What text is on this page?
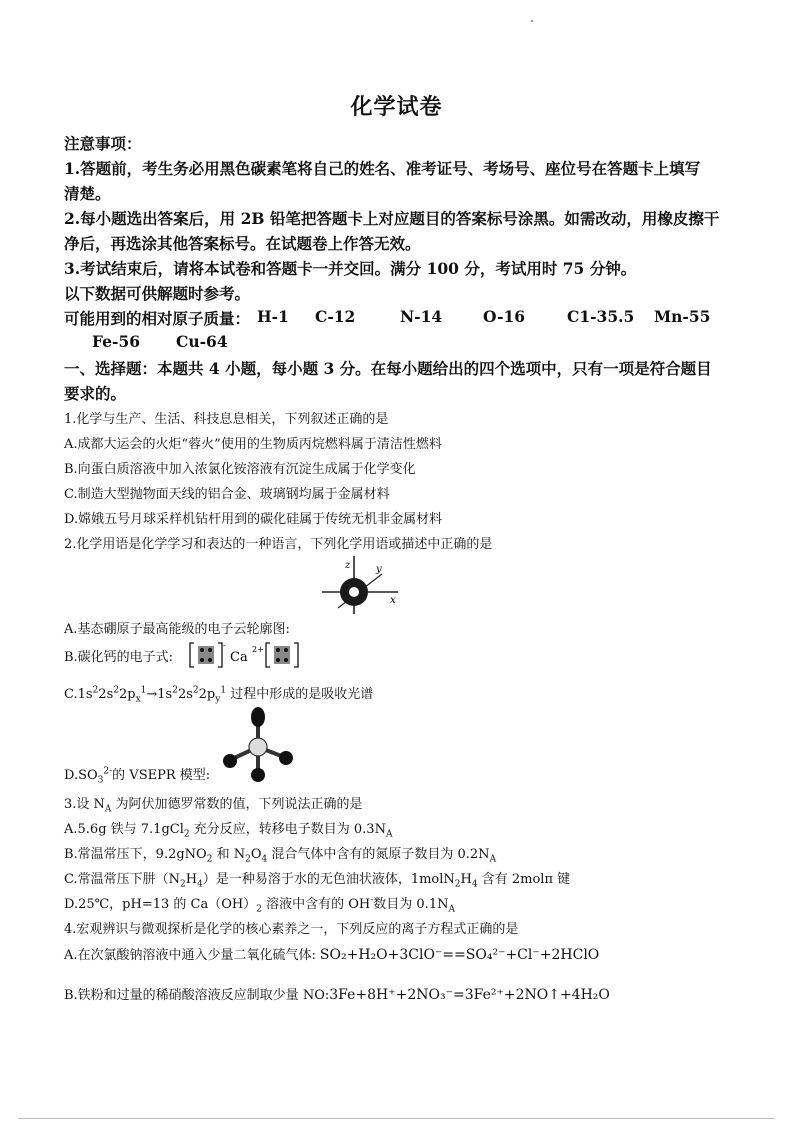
化学试卷
注意事项：
1.答题前，考生务必用黑色碳素笔将自己的姓名、准考证号、考场号、座位号在答题卡上填写
清楚。
2.每小题选出答案后，用 2B 铅笔把答题卡上对应题目的答案标号涂黑。如需改动，用橡皮擦干
净后，再选涂其他答案标号。在试题卷上作答无效。
3.考试结束后，请将本试卷和答题卡一并交回。满分 100 分，考试用时 75 分钟。
以下数据可供解题时参考。
可能用到的相对原子质量： H-1 C-12	N-14	O-16	C1-35.5 Mn-55
Fe-56 Cu-64
一、选择题：本题共 4 小题，每小题 3 分。在每小题给出的四个选项中，只有一项是符合题目
要求的。
1.化学与生产、生活、科技息息相关，下列叙述正确的是
A.成都大运会的火炬“蓉火”使用的生物质丙烷燃料属于清洁性燃料
B.向蛋白质溶液中加入浓氯化铵溶液有沉淀生成属于化学变化
C.制造大型抛物面天线的铝合金、玻璃钢均属于金属材料
D.嫦娥五号月球采样机钻杆用到的碳化硅属于传统无机非金属材料
2.化学用语是化学学习和表达的一种语言，下列化学用语或描述中正确的是
z	y
x
A.基态硼原子最高能级的电子云轮廓图:
B.碳化钙的电子式:
-
Ca
2+
$C.1s^22s^22p_x^1\to 1s^22s^22p_y^1$ 过程中形成的是吸收光谱
$D.SO_3^{2-}$的 VSEPR 模型:
3.设 $N_A$ 为阿伏加德罗常数的值，下列说法正确的是
A.5.6g 铁与 7.1gCl$_2$ 充分反应，转移电子数目为 $0.3N_A$
B.常温常压下，9.2gNO$_2$ 和 $N_2O_4$ 混合气体中含有的氮原子数目为 $0.2N_A$
C.常温常压下肼$(N_2H_4)$是一种易溶于水的无色油状液体，$1molN_2H_4$ 含有 2molπ 键
D.25℃，pH=13 的 $Ca(OH)_2$ 溶液中含有的 OH-数目为 $0.1N_A$
4.宏观辨识与微观探析是化学的核心素养之一，下列反应的离子方程式正确的是
A.在次氯酸钠溶液中通入少量二氧化硫气体: SO₂+H₂O+3ClO⁻==SO₄²⁻+Cl⁻+2HClO
B.铁粉和过量的稀硝酸溶液反应制取少量 NO:3Fe+8H⁺+2NO₃⁻=3Fe²⁺+2NO↑+4H₂O
